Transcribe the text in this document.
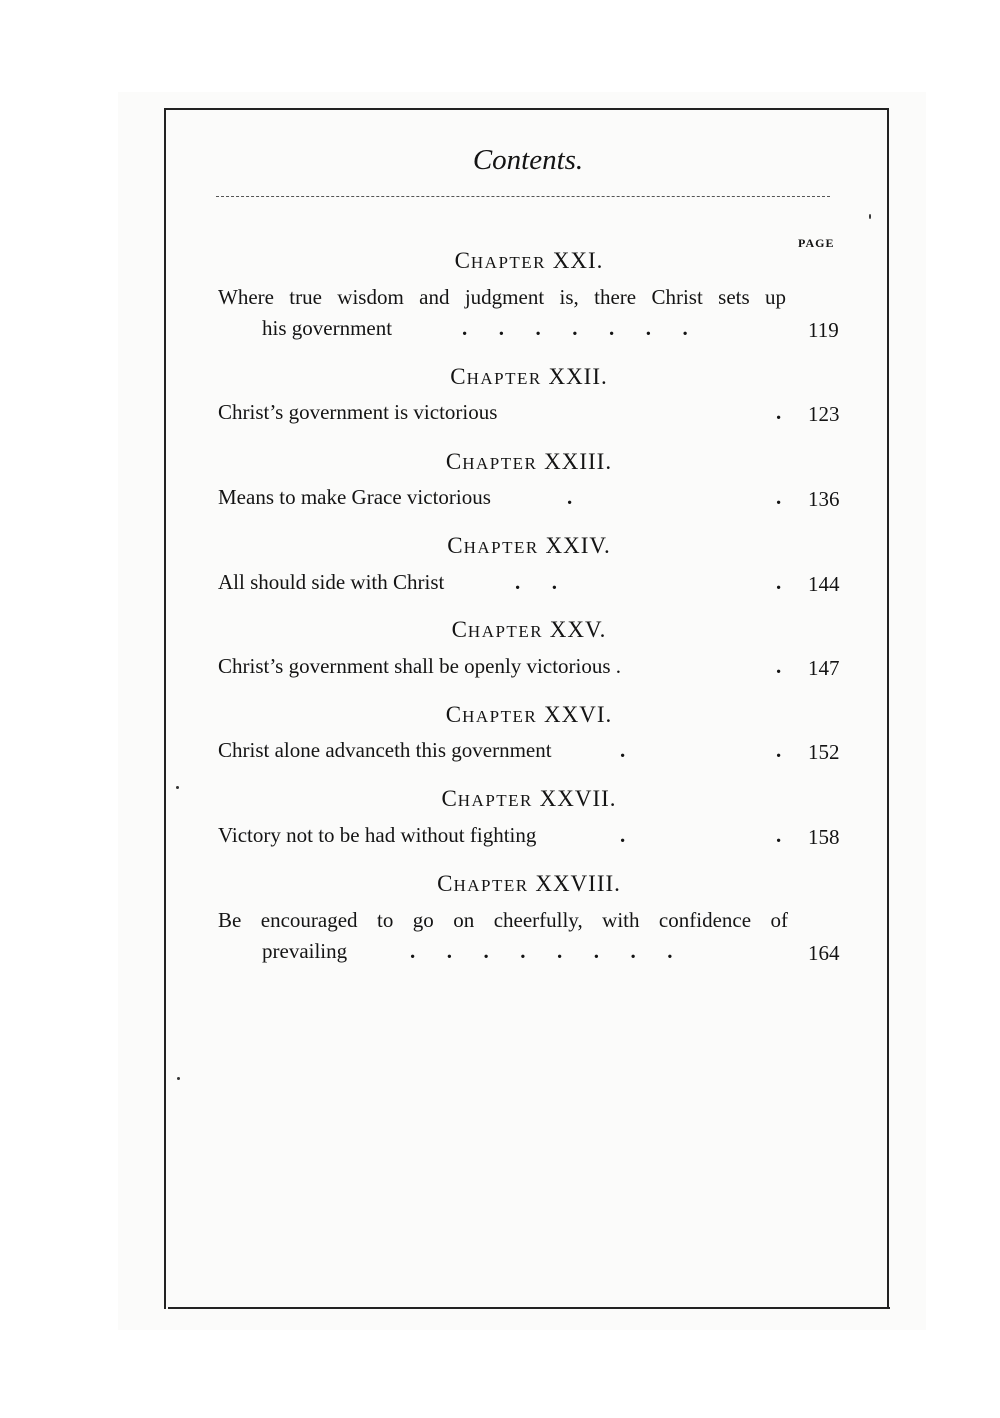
Contents.
PAGE
CHAPTER XXI.
Where true wisdom and judgment is, there Christ sets up
his government	.      .      .      .      .      .      .	119
CHAPTER XXII.
Christ’s government is victorious	. 123
CHAPTER XXIII.
Means to make Grace victorious	.	. 136
CHAPTER XXIV.
All should side with Christ	.      .	. 144
CHAPTER XXV.
Christ’s government shall be openly victorious .	. 147
CHAPTER XXVI.
Christ alone advanceth this government	.	. 152
CHAPTER XXVII.
Victory not to be had without fighting	.	. 158
CHAPTER XXVIII.
Be encouraged to go on cheerfully, with confidence of
prevailing	.      .      .      .      .      .      .      .	164
